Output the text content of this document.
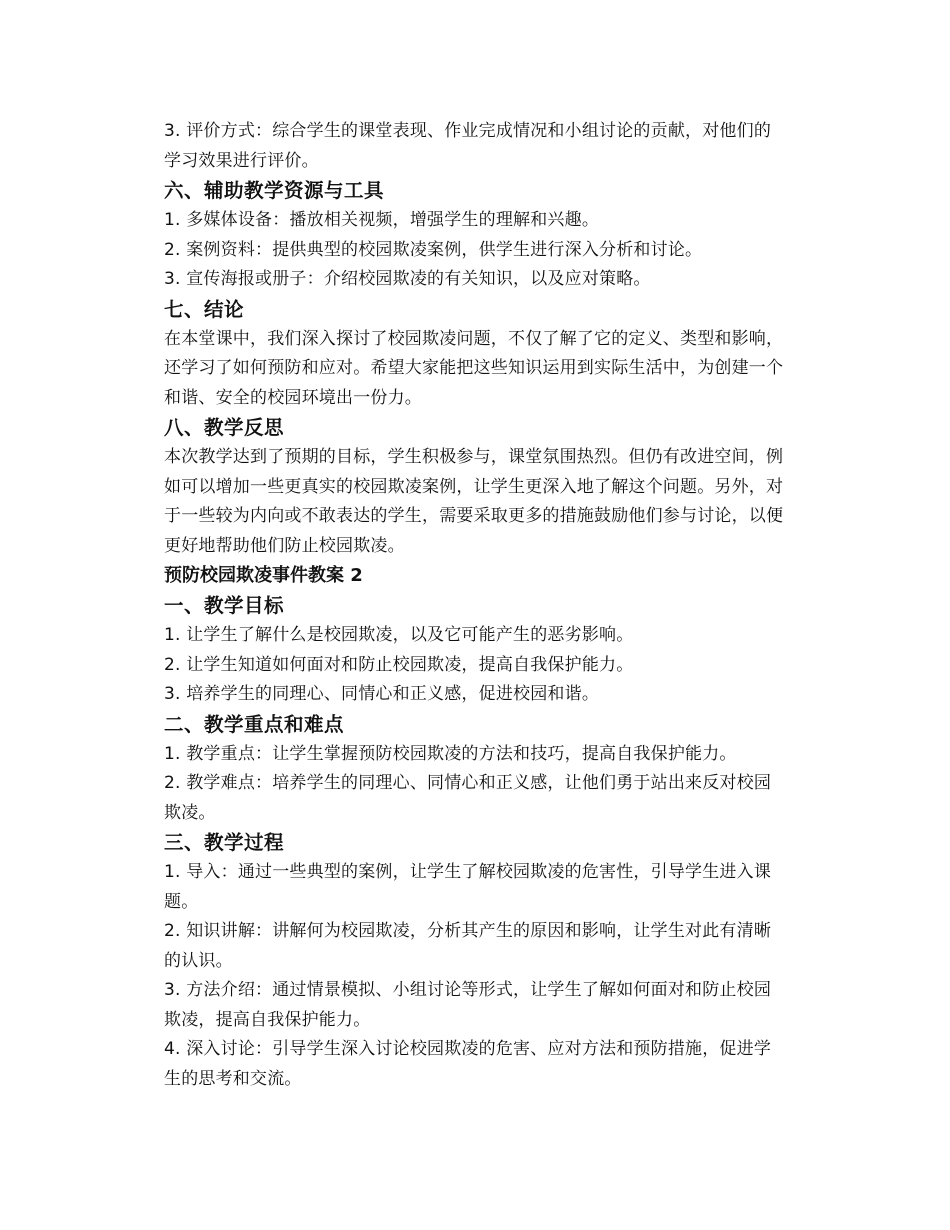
3. 评价方式：综合学生的课堂表现、作业完成情况和小组讨论的贡献，对他们的学习效果进行评价。

六、辅助教学资源与工具

1. 多媒体设备：播放相关视频，增强学生的理解和兴趣。

2. 案例资料：提供典型的校园欺凌案例，供学生进行深入分析和讨论。

3. 宣传海报或册子：介绍校园欺凌的有关知识，以及应对策略。

七、结论

在本堂课中，我们深入探讨了校园欺凌问题，不仅了解了它的定义、类型和影响，还学习了如何预防和应对。希望大家能把这些知识运用到实际生活中，为创建一个和谐、安全的校园环境出一份力。

八、教学反思

本次教学达到了预期的目标，学生积极参与，课堂氛围热烈。但仍有改进空间，例如可以增加一些更真实的校园欺凌案例，让学生更深入地了解这个问题。另外，对于一些较为内向或不敢表达的学生，需要采取更多的措施鼓励他们参与讨论，以便更好地帮助他们防止校园欺凌。

预防校园欺凌事件教案 2
一、教学目标

1. 让学生了解什么是校园欺凌，以及它可能产生的恶劣影响。

2. 让学生知道如何面对和防止校园欺凌，提高自我保护能力。

3. 培养学生的同理心、同情心和正义感，促进校园和谐。

二、教学重点和难点

1. 教学重点：让学生掌握预防校园欺凌的方法和技巧，提高自我保护能力。

2. 教学难点：培养学生的同理心、同情心和正义感，让他们勇于站出来反对校园欺凌。

三、教学过程

1. 导入：通过一些典型的案例，让学生了解校园欺凌的危害性，引导学生进入课题。

2. 知识讲解：讲解何为校园欺凌，分析其产生的原因和影响，让学生对此有清晰的认识。

3. 方法介绍：通过情景模拟、小组讨论等形式，让学生了解如何面对和防止校园欺凌，提高自我保护能力。

4. 深入讨论：引导学生深入讨论校园欺凌的危害、应对方法和预防措施，促进学生的思考和交流。
